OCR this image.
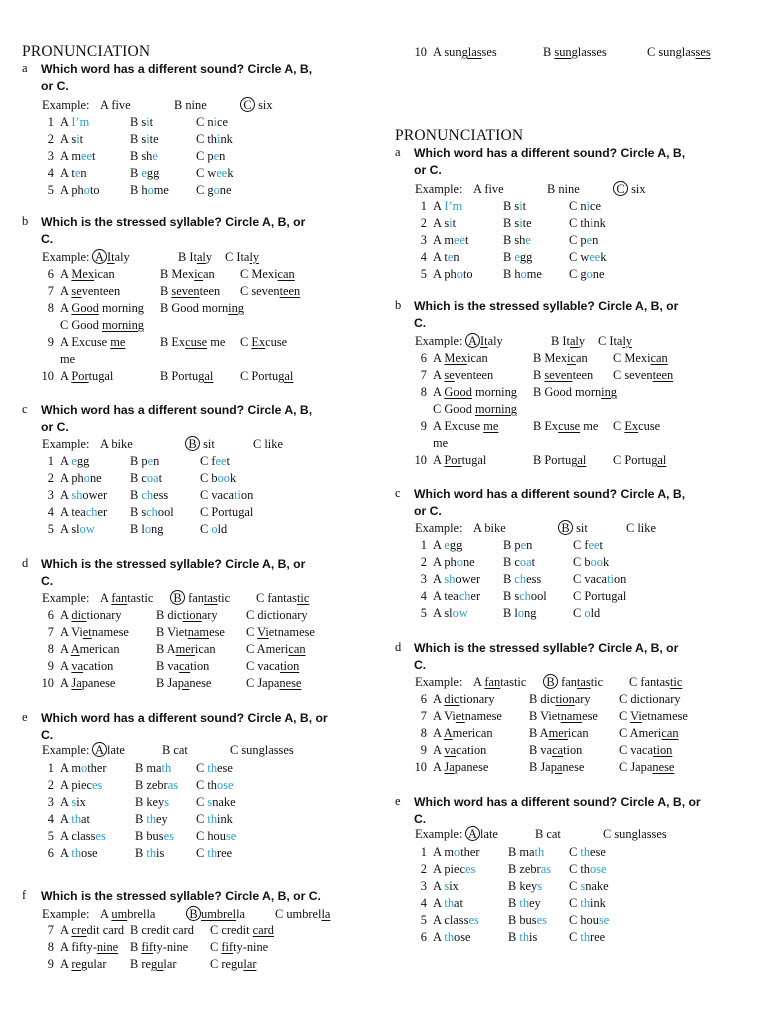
PRONUNCIATION
a Which word has a different sound? Circle A, B,
or C.
Example: A five	B nine	C six
1 A I’m	B sit	C nice
2 A sit	B site	C think
3 A meet	B she	C pen
4 A ten	B egg	C week
5 A photo B home C gone
b Which is the stressed syllable? Circle A, B, or
C.
Example: A Italy	B Italy C Italy
6 A Mexican	B Mexican C Mexican
7 A seventeen	B seventeen C seventeen
8 A Good morning B Good morning
C Good morning
9 A Excuse me	B Excuse me C Excuse
me
10 A Portugal	B Portugal C Portugal
c Which word has a different sound? Circle A, B,
or C.
Example: A bike	B sit	C like
1 A egg	B pen	C feet
2 A phone B coat	C book
3 A shower B chess	C vacation
4 A teacher B school C Portugal
5 A slow	B long	C old
d Which is the stressed syllable? Circle A, B, or
C.
Example: A fantastic B fantastic C fantastic
6 A dictionary	B dictionary C dictionary
7 A Vietnamese B Vietnamese C Vietnamese
8 A American	B American C American
9 A vacation	B vacation	C vacation
10 A Japanese	B Japanese	C Japanese
e Which word has a different sound? Circle A, B, or
C.
Example: A late	B cat	C sunglasses
1 A mother B math C these
2 A pieces	B zebras C those
3 A six	B keys C snake
4 A that	B they C think
5 A classes B buses C house
6 A those	B this	C three
f Which is the stressed syllable? Circle A, B, or C.
Example: A umbrella	B umbrella C umbrella
7 A credit card B credit card C credit card
8 A fifty-nine B fifty-nine C fifty-nine
9 A regular B regular	C regular
PRONUNCIATION
a Which word has a different sound? Circle A, B,
or C.
Example: A five	B nine	C six
1 A I’m	B sit	C nice
2 A sit	B site	C think
3 A meet	B she	C pen
4 A ten	B egg	C week
5 A photo B home C gone
b Which is the stressed syllable? Circle A, B, or
C.
Example: A Italy	B Italy C Italy
6 A Mexican	B Mexican C Mexican
7 A seventeen	B seventeen C seventeen
8 A Good morning B Good morning
C Good morning
9 A Excuse me	B Excuse me C Excuse
me
10 A Portugal	B Portugal C Portugal
c Which word has a different sound? Circle A, B,
or C.
Example: A bike	B sit	C like
1 A egg	B pen	C feet
2 A phone B coat	C book
3 A shower B chess	C vacation
4 A teacher B school C Portugal
5 A slow	B long	C old
d Which is the stressed syllable? Circle A, B, or
C.
Example: A fantastic B fantastic C fantastic
6 A dictionary	B dictionary C dictionary
7 A Vietnamese B Vietnamese C Vietnamese
8 A American	B American C American
9 A vacation	B vacation	C vacation
10 A Japanese	B Japanese	C Japanese
e Which word has a different sound? Circle A, B, or
C.
Example: A late	B cat	C sunglasses
1 A mother B math C these
2 A pieces	B zebras C those
3 A six	B keys C snake
4 A that	B they C think
5 A classes B buses C house
6 A those	B this	C three
10 A sunglasses	B sunglasses	C sunglasses
